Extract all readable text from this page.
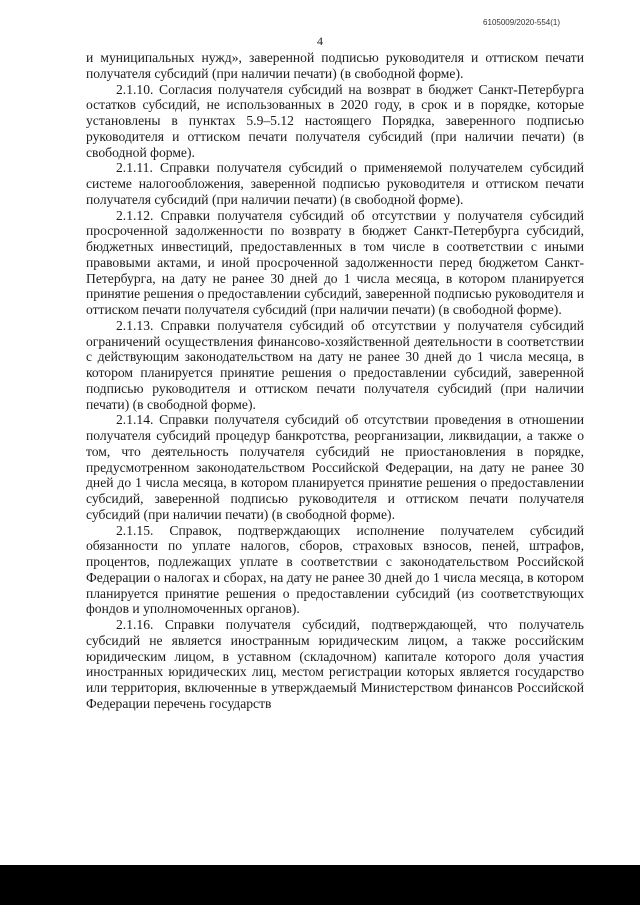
6105009/2020-554(1)
4

и муниципальных нужд», заверенной подписью руководителя и оттиском печати получателя субсидий (при наличии печати) (в свободной форме).

2.1.10. Согласия получателя субсидий на возврат в бюджет Санкт-Петербурга остатков субсидий, не использованных в 2020 году, в срок и в порядке, которые установлены в пунктах 5.9–5.12 настоящего Порядка, заверенного подписью руководителя и оттиском печати получателя субсидий (при наличии печати) (в свободной форме).

2.1.11. Справки получателя субсидий о применяемой получателем субсидий системе налогообложения, заверенной подписью руководителя и оттиском печати получателя субсидий (при наличии печати) (в свободной форме).

2.1.12. Справки получателя субсидий об отсутствии у получателя субсидий просроченной задолженности по возврату в бюджет Санкт-Петербурга субсидий, бюджетных инвестиций, предоставленных в том числе в соответствии с иными правовыми актами, и иной просроченной задолженности перед бюджетом Санкт-Петербурга, на дату не ранее 30 дней до 1 числа месяца, в котором планируется принятие решения о предоставлении субсидий, заверенной подписью руководителя и оттиском печати получателя субсидий (при наличии печати) (в свободной форме).

2.1.13. Справки получателя субсидий об отсутствии у получателя субсидий ограничений осуществления финансово-хозяйственной деятельности в соответствии с действующим законодательством на дату не ранее 30 дней до 1 числа месяца, в котором планируется принятие решения о предоставлении субсидий, заверенной подписью руководителя и оттиском печати получателя субсидий (при наличии печати) (в свободной форме).

2.1.14. Справки получателя субсидий об отсутствии проведения в отношении получателя субсидий процедур банкротства, реорганизации, ликвидации, а также о том, что деятельность получателя субсидий не приостановления в порядке, предусмотренном законодательством Российской Федерации, на дату не ранее 30 дней до 1 числа месяца, в котором планируется принятие решения о предоставлении субсидий, заверенной подписью руководителя и оттиском печати получателя субсидий (при наличии печати) (в свободной форме).

2.1.15. Справок, подтверждающих исполнение получателем субсидий обязанности по уплате налогов, сборов, страховых взносов, пеней, штрафов, процентов, подлежащих уплате в соответствии с законодательством Российской Федерации о налогах и сборах, на дату не ранее 30 дней до 1 числа месяца, в котором планируется принятие решения о предоставлении субсидий (из соответствующих фондов и уполномоченных органов).

2.1.16. Справки получателя субсидий, подтверждающей, что получатель субсидий не является иностранным юридическим лицом, а также российским юридическим лицом, в уставном (складочном) капитале которого доля участия иностранных юридических лиц, местом регистрации которых является государство или территория, включенные в утверждаемый Министерством финансов Российской Федерации перечень государств
